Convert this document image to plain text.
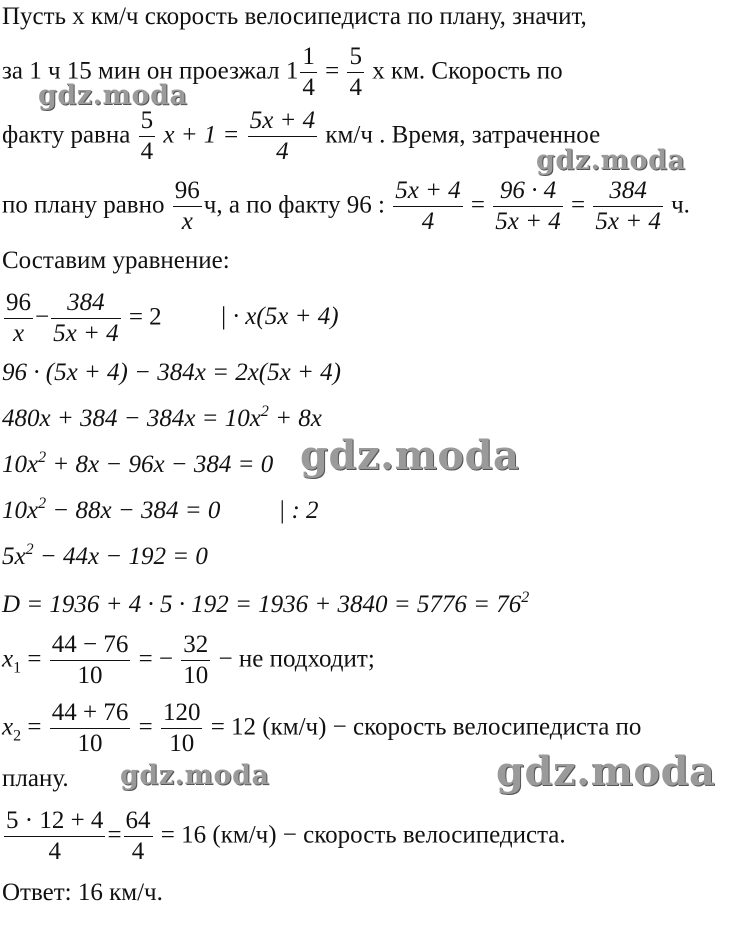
gdz.moda
gdz.moda
gdz.moda
gdz.moda	gdz.moda
Пусть x км/ч скорость велосипедиста по плану, значит,
за 1 ч 15 мин он проезжал $1 \frac{1}{4} = \frac{5}{4}$ x км. Скорость по
факту равна $\frac{5}{4}$ $x + 1 = \frac{5x + 4}{4} км/ч$ . Время, затраченное
по плану равно $\frac{96}{x} ч$, а по факту 96 : $\frac{5x + 4}{4} = \frac{96 \cdot 4}{5x + 4} = \frac{384}{5x + 4} ч$.
Составим уравнение:
$\frac{96}{x} - \frac{384}{5x + 4} = 2$ | · x(5x + 4)
96 · (5x + 4) − 384x = 2x(5x + 4)
$480x + 384 - 384x = 10x^2 + 8x$
$10x^2 + 8x - 96x - 384 = 0$
$10x^2 - 88x - 384 = 0$ | : 2
$5x^2 - 44x - 192 = 0$
$D = 1936 + 4 \cdot 5 \cdot 192 = 1936 + 3840 = 5776 = 76^2$
$x_1 = \frac{44 - 76}{10}$ = − $\frac{32}{10}$ − не подходит;
$x_2 = \frac{44 + 76}{10} = \frac{120}{10} = 12$ (км/ч) − скорость велосипедиста по
плану.
$\frac{5 \cdot 12 + 4}{4} = \frac{64}{4} = 16$ (км/ч) − скорость велосипедиста.
Ответ: 16 км/ч.
